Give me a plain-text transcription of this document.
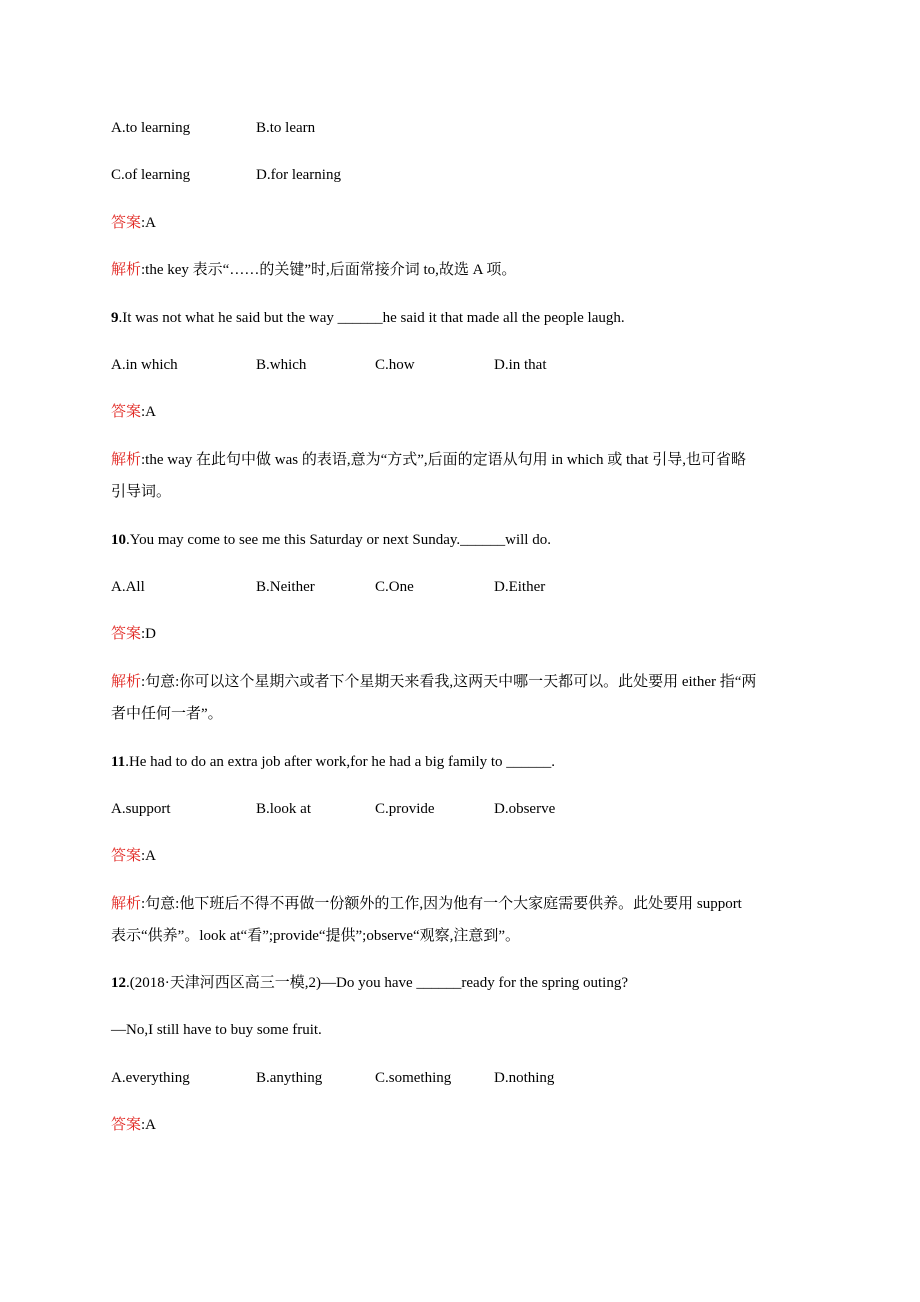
A.to learning	B.to learn
C.of learning	D.for learning
答案:A
解析:the key 表示“……的关键”时,后面常接介词 to,故选 A 项。
9.It was not what he said but the way ______he said it that made all the people laugh.
A.in which	B.which	C.how	D.in that
答案:A
解析:the way 在此句中做 was 的表语,意为“方式”,后面的定语从句用 in which 或 that 引导,也可省略
引导词。
10.You may come to see me this Saturday or next Sunday.______will do.
A.All	B.Neither	C.One	D.Either
答案:D
解析:句意:你可以这个星期六或者下个星期天来看我,这两天中哪一天都可以。此处要用 either 指“两
者中任何一者”。
11.He had to do an extra job after work,for he had a big family to ______.
A.support	B.look at	C.provide	D.observe
答案:A
解析:句意:他下班后不得不再做一份额外的工作,因为他有一个大家庭需要供养。此处要用 support
表示“供养”。look at“看”;provide“提供”;observe“观察,注意到”。
12.(2018·天津河西区高三一模,2)—Do you have ______ready for the spring outing?
—No,I still have to buy some fruit.
A.everything	B.anything	C.something	D.nothing
答案:A
